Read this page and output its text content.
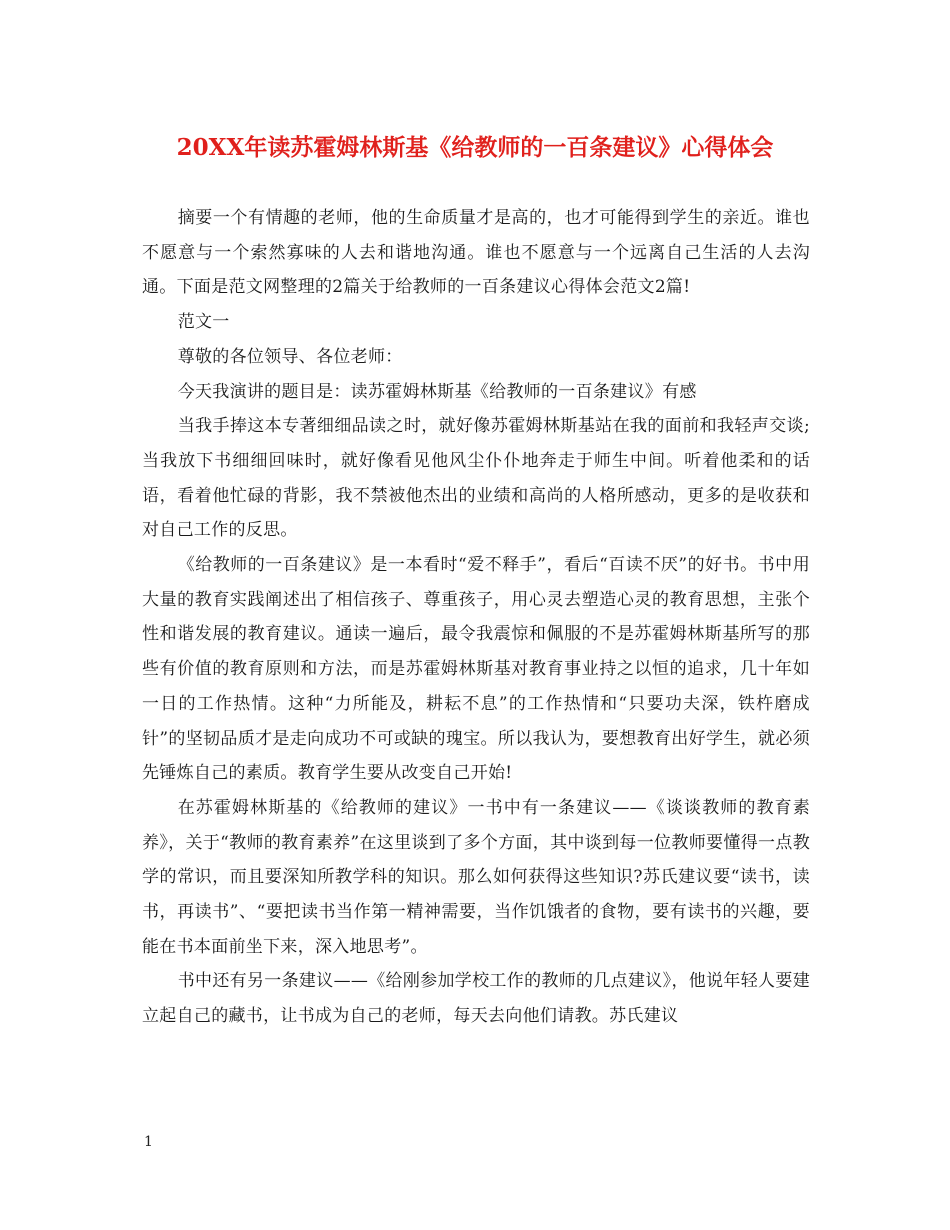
20XX年读苏霍姆林斯基《给教师的一百条建议》心得体会

摘要一个有情趣的老师，他的生命质量才是高的，也才可能得到学生的亲近。谁也不愿意与一个索然寡味的人去和谐地沟通。谁也不愿意与一个远离自己生活的人去沟通。下面是范文网整理的2篇关于给教师的一百条建议心得体会范文2篇!

范文一

尊敬的各位领导、各位老师：

今天我演讲的题目是：读苏霍姆林斯基《给教师的一百条建议》有感

当我手捧这本专著细细品读之时，就好像苏霍姆林斯基站在我的面前和我轻声交谈;当我放下书细细回味时，就好像看见他风尘仆仆地奔走于师生中间。听着他柔和的话语，看着他忙碌的背影，我不禁被他杰出的业绩和高尚的人格所感动，更多的是收获和对自己工作的反思。

《给教师的一百条建议》是一本看时“爱不释手”，看后“百读不厌”的好书。书中用大量的教育实践阐述出了相信孩子、尊重孩子，用心灵去塑造心灵的教育思想，主张个性和谐发展的教育建议。通读一遍后，最令我震惊和佩服的不是苏霍姆林斯基所写的那些有价值的教育原则和方法，而是苏霍姆林斯基对教育事业持之以恒的追求，几十年如一日的工作热情。这种“力所能及，耕耘不息”的工作热情和“只要功夫深，铁杵磨成针”的坚韧品质才是走向成功不可或缺的瑰宝。所以我认为，要想教育出好学生，就必须先锤炼自己的素质。教育学生要从改变自己开始!

在苏霍姆林斯基的《给教师的建议》一书中有一条建议——《谈谈教师的教育素养》，关于“教师的教育素养”在这里谈到了多个方面，其中谈到每一位教师要懂得一点教学的常识，而且要深知所教学科的知识。那么如何获得这些知识?苏氏建议要“读书，读书，再读书”、“要把读书当作第一精神需要，当作饥饿者的食物，要有读书的兴趣，要能在书本面前坐下来，深入地思考”。

书中还有另一条建议——《给刚参加学校工作的教师的几点建议》，他说年轻人要建立起自己的藏书，让书成为自己的老师，每天去向他们请教。苏氏建议

1
